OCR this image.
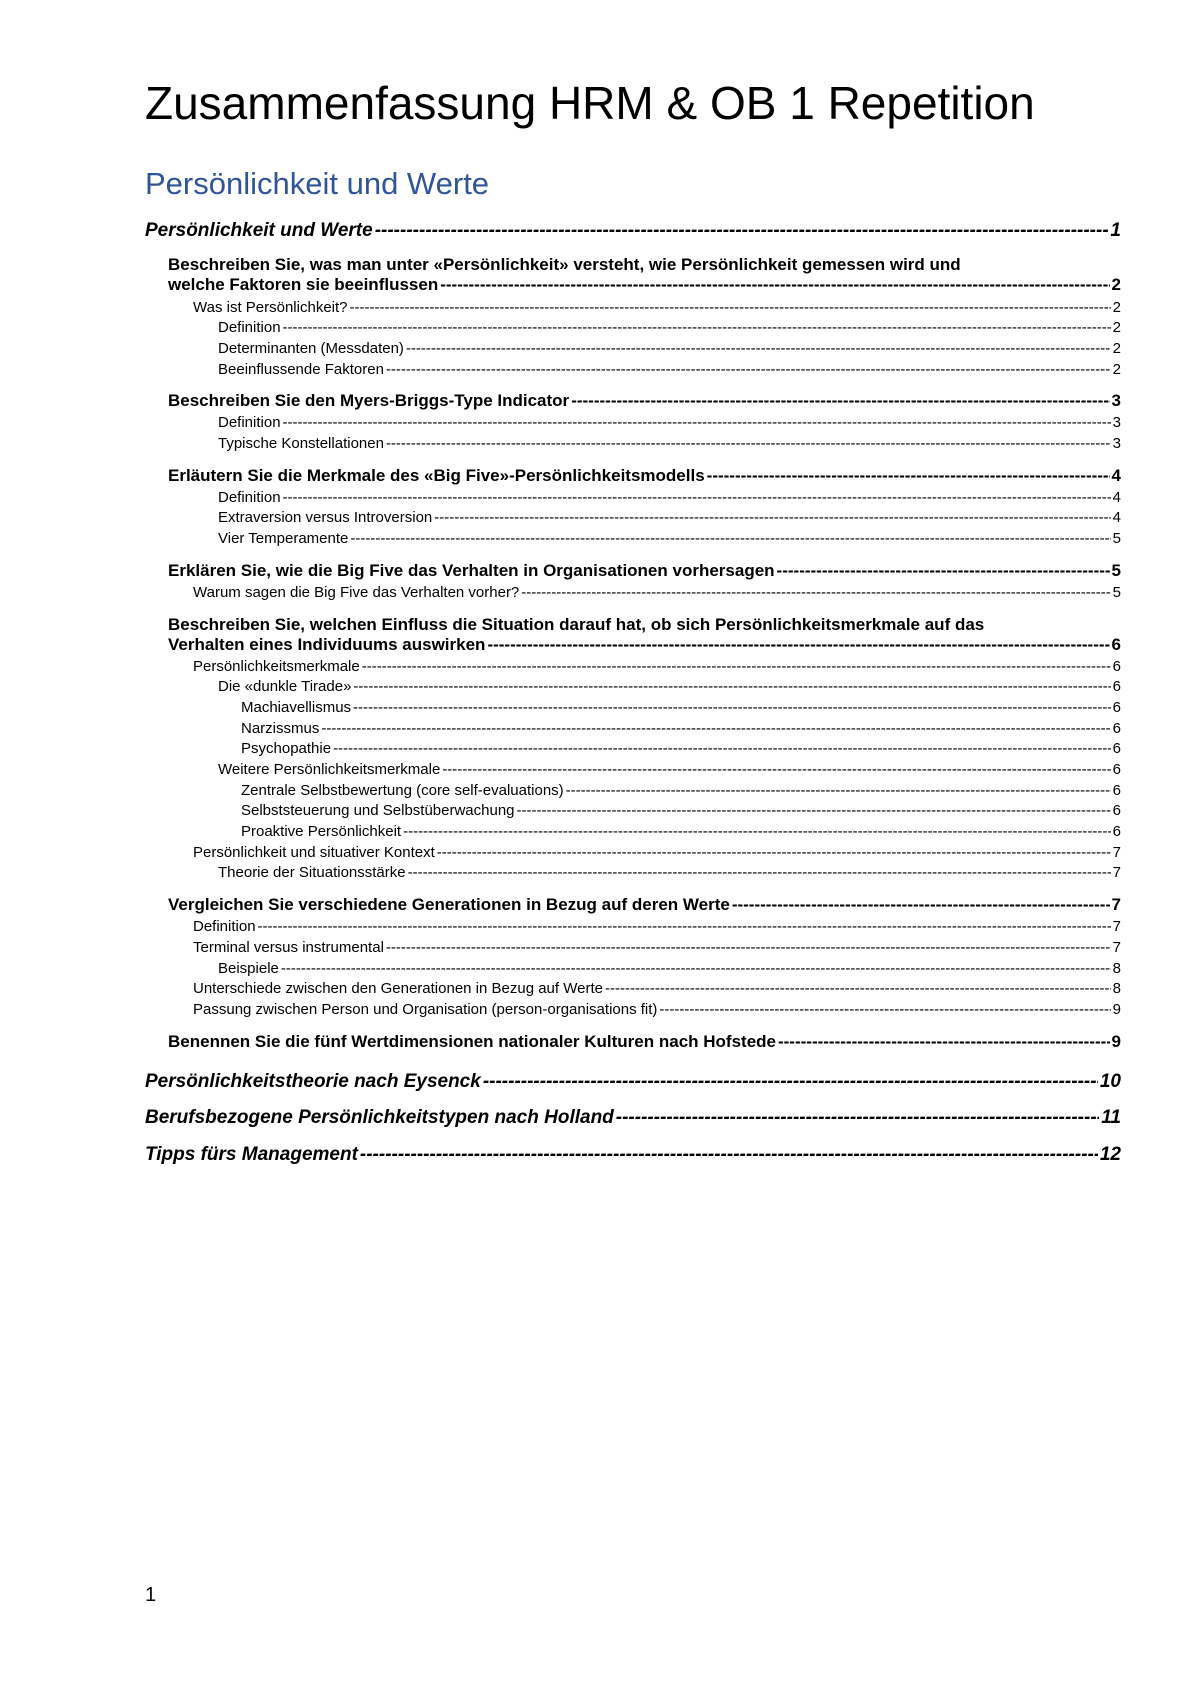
Zusammenfassung HRM & OB 1 Repetition
Persönlichkeit und Werte
Persönlichkeit und Werte -----	1
Beschreiben Sie, was man unter «Persönlichkeit» versteht, wie Persönlichkeit gemessen wird und
welche Faktoren sie beeinflussen -----	2
Was ist Persönlichkeit? -----	2
Definition -----	2
Determinanten (Messdaten) -----	2
Beeinflussende Faktoren -----	2
Beschreiben Sie den Myers-Briggs-Type Indicator -----	3
Definition -----	3
Typische Konstellationen -----	3
Erläutern Sie die Merkmale des «Big Five»-Persönlichkeitsmodells -----	4
Definition -----	4
Extraversion versus Introversion -----	4
Vier Temperamente -----	5
Erklären Sie, wie die Big Five das Verhalten in Organisationen vorhersagen -----	5
Warum sagen die Big Five das Verhalten vorher? -----	5
Beschreiben Sie, welchen Einfluss die Situation darauf hat, ob sich Persönlichkeitsmerkmale auf das
Verhalten eines Individuums auswirken -----	6
Persönlichkeitsmerkmale -----	6
Die «dunkle Tirade» -----	6
Machiavellismus -----	6
Narzissmus -----	6
Psychopathie -----	6
Weitere Persönlichkeitsmerkmale -----	6
Zentrale Selbstbewertung (core self-evaluations) -----	6
Selbststeuerung und Selbstüberwachung -----	6
Proaktive Persönlichkeit -----	6
Persönlichkeit und situativer Kontext -----	7
Theorie der Situationsstärke -----	7
Vergleichen Sie verschiedene Generationen in Bezug auf deren Werte -----	7
Definition -----	7
Terminal versus instrumental -----	7
Beispiele -----	8
Unterschiede zwischen den Generationen in Bezug auf Werte -----	8
Passung zwischen Person und Organisation (person-organisations fit) -----	9
Benennen Sie die fünf Wertdimensionen nationaler Kulturen nach Hofstede -----	9
Persönlichkeitstheorie nach Eysenck -----	10
Berufsbezogene Persönlichkeitstypen nach Holland -----	11
Tipps fürs Management -----	12
1
